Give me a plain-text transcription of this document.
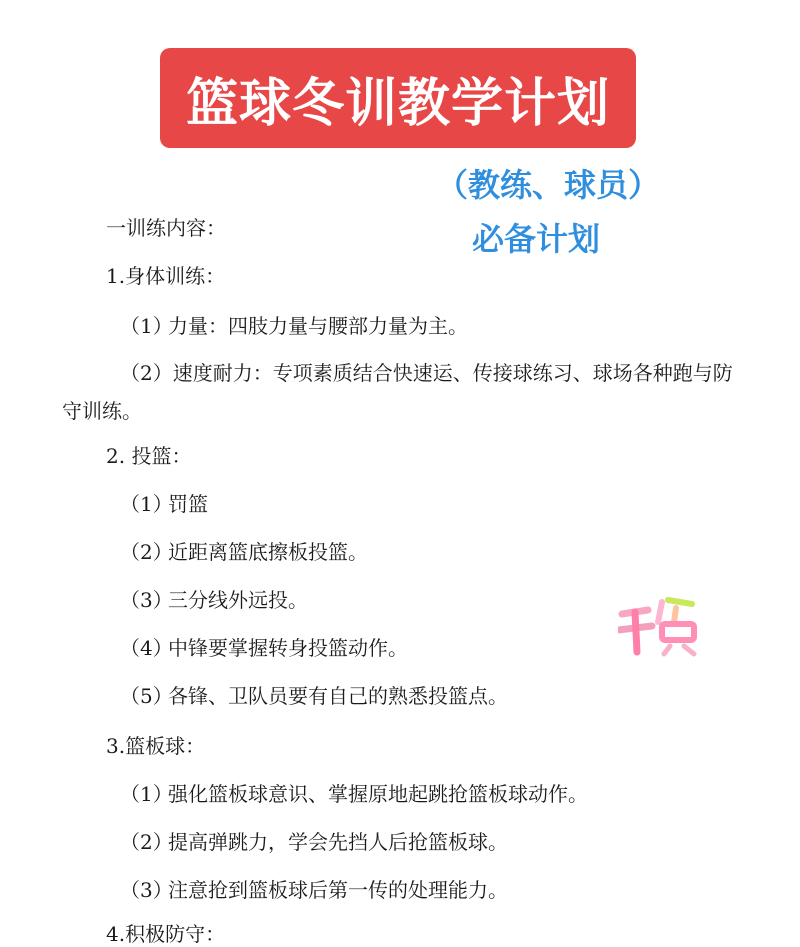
篮球冬训教学计划
（教练、球员）
必备计划
一训练内容：
1.身体训练：
（1）力量：四肢力量与腰部力量为主。
（2）速度耐力：专项素质结合快速运、传接球练习、球场各种跑与防守训练。
2. 投篮：
（1）罚篮
（2）近距离篮底擦板投篮。
（3）三分线外远投。
（4）中锋要掌握转身投篮动作。
（5）各锋、卫队员要有自己的熟悉投篮点。
3.篮板球：
（1）强化篮板球意识、掌握原地起跳抢篮板球动作。
（2）提高弹跳力，学会先挡人后抢篮板球。
（3）注意抢到篮板球后第一传的处理能力。
4.积极防守：
